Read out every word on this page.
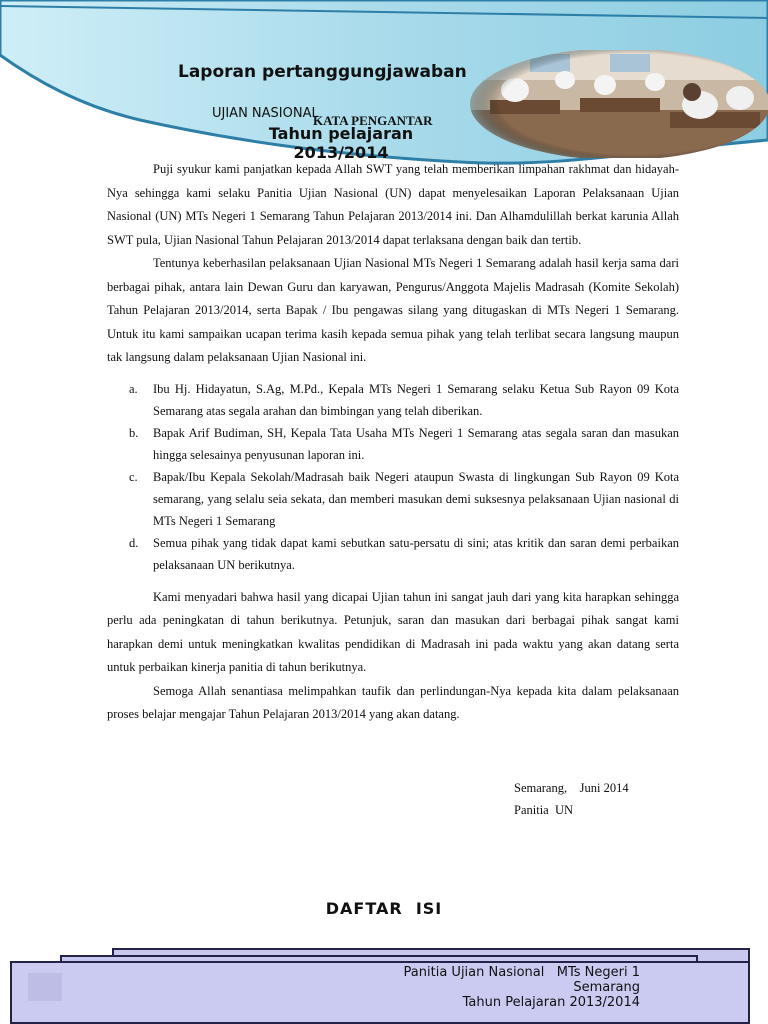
Laporan pertanggungjawaban
UJIAN NASIONAL
KATA PENGANTAR
Tahun pelajaran 2013/2014

Puji syukur kami panjatkan kepada Allah SWT yang telah memberikan limpahan rakhmat dan hidayah-Nya sehingga kami selaku Panitia Ujian Nasional (UN) dapat menyelesaikan Laporan Pelaksanaan Ujian Nasional (UN) MTs Negeri 1 Semarang Tahun Pelajaran 2013/2014 ini. Dan Alhamdulillah berkat karunia Allah SWT pula, Ujian Nasional Tahun Pelajaran 2013/2014 dapat terlaksana dengan baik dan tertib.

Tentunya keberhasilan pelaksanaan Ujian Nasional MTs Negeri 1 Semarang adalah hasil kerja sama dari berbagai pihak, antara lain Dewan Guru dan karyawan, Pengurus/Anggota Majelis Madrasah (Komite Sekolah) Tahun Pelajaran 2013/2014, serta Bapak / Ibu pengawas silang yang ditugaskan di MTs Negeri 1 Semarang. Untuk itu kami sampaikan ucapan terima kasih kepada semua pihak yang telah terlibat secara langsung maupun tak langsung dalam pelaksanaan Ujian Nasional ini.

a. Ibu Hj. Hidayatun, S.Ag, M.Pd., Kepala MTs Negeri 1 Semarang selaku Ketua Sub Rayon 09 Kota Semarang atas segala arahan dan bimbingan yang telah diberikan.
b. Bapak Arif Budiman, SH, Kepala Tata Usaha MTs Negeri 1 Semarang atas segala saran dan masukan hingga selesainya penyusunan laporan ini.
c. Bapak/Ibu Kepala Sekolah/Madrasah baik Negeri ataupun Swasta di lingkungan Sub Rayon 09 Kota semarang, yang selalu seia sekata, dan memberi masukan demi suksesnya pelaksanaan Ujian nasional di MTs Negeri 1 Semarang
d. Semua pihak yang tidak dapat kami sebutkan satu-persatu di sini; atas kritik dan saran demi perbaikan pelaksanaan UN berikutnya.

Kami menyadari bahwa hasil yang dicapai Ujian tahun ini sangat jauh dari yang kita harapkan sehingga perlu ada peningkatan di tahun berikutnya. Petunjuk, saran dan masukan dari berbagai pihak sangat kami harapkan demi untuk meningkatkan kwalitas pendidikan di Madrasah ini pada waktu yang akan datang serta untuk perbaikan kinerja panitia di tahun berikutnya.

Semoga Allah senantiasa melimpahkan taufik dan perlindungan-Nya kepada kita dalam pelaksanaan proses belajar mengajar Tahun Pelajaran 2013/2014 yang akan datang.

Semarang,    Juni 2014
Panitia  UN
DAFTAR  ISI
Panitia Ujian Nasional   MTs Negeri 1
Semarang
Tahun Pelajaran 2013/2014
